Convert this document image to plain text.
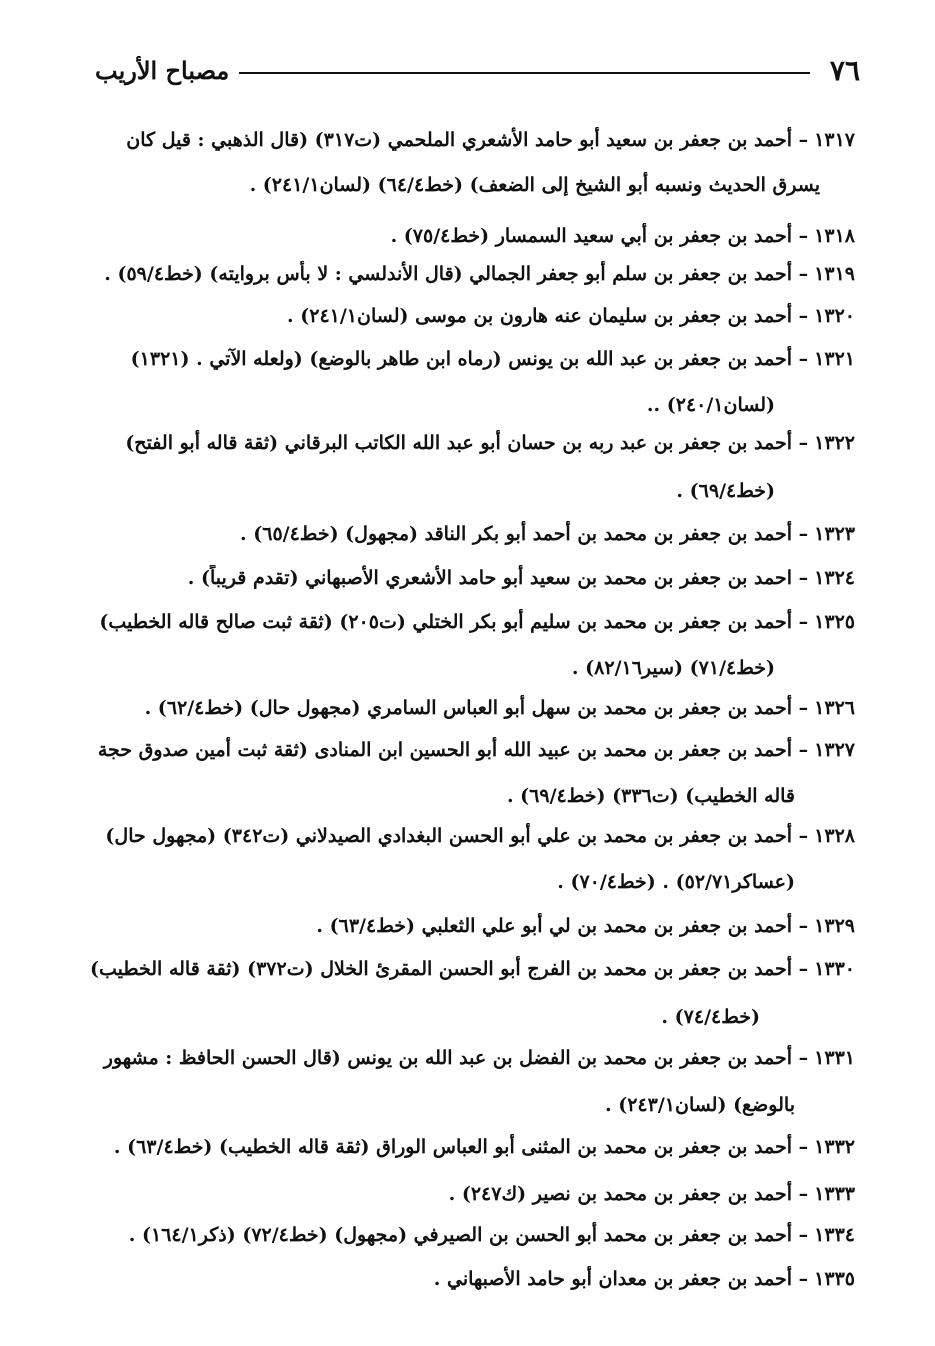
٧٦
مصباح الأريب
١٣١٧– أحمد بن جعفر بن سعيد أبو حامد الأشعري الملحمي (ت٣١٧) (قال الذهبي : قيل كان
يسرق الحديث ونسبه أبو الشيخ إلى الضعف) (خط٦٤/٤) (لسان٢٤١/١) .
١٣١٨– أحمد بن جعفر بن أبي سعيد السمسار (خط٧٥/٤) .
١٣١٩– أحمد بن جعفر بن سلم أبو جعفر الجمالي (قال الأندلسي : لا بأس بروايته) (خط٥٩/٤) .
١٣٢٠– أحمد بن جعفر بن سليمان عنه هارون بن موسى (لسان٢٤١/١) .
١٣٢١– أحمد بن جعفر بن عبد الله بن يونس (رماه ابن طاهر بالوضع) (ولعله الآتي . (١٣٢١)
(لسان٢٤٠/١) ..
١٣٢٢– أحمد بن جعفر بن عبد ربه بن حسان أبو عبد الله الكاتب البرقاني (ثقة قاله أبو الفتح)
(خط٦٩/٤) .
١٣٢٣– أحمد بن جعفر بن محمد بن أحمد أبو بكر الناقد (مجهول) (خط٦٥/٤) .
١٣٢٤– احمد بن جعفر بن محمد بن سعيد أبو حامد الأشعري الأصبهاني (تقدم قريباً) .
١٣٢٥– أحمد بن جعفر بن محمد بن سليم أبو بكر الختلي (ت٢٠٥) (ثقة ثبت صالح قاله الخطيب)
(خط٧١/٤) (سير٨٢/١٦) .
١٣٢٦– أحمد بن جعفر بن محمد بن سهل أبو العباس السامري (مجهول حال) (خط٦٢/٤) .
١٣٢٧– أحمد بن جعفر بن محمد بن عبيد الله أبو الحسين ابن المنادى (ثقة ثبت أمين صدوق حجة
قاله الخطيب) (ت٣٣٦) (خط٦٩/٤) .
١٣٢٨– أحمد بن جعفر بن محمد بن علي أبو الحسن البغدادي الصيدلاني (ت٣٤٢) (مجهول حال)
(عساكر٥٢/٧١) . (خط٧٠/٤) .
١٣٢٩– أحمد بن جعفر بن محمد بن لي أبو علي الثعلبي (خط٦٣/٤) .
١٣٣٠– أحمد بن جعفر بن محمد بن الفرج أبو الحسن المقرئ الخلال (ت٣٧٢) (ثقة قاله الخطيب)
(خط٧٤/٤) .
١٣٣١– أحمد بن جعفر بن محمد بن الفضل بن عبد الله بن يونس (قال الحسن الحافظ : مشهور
بالوضع) (لسان٢٤٣/١) .
١٣٣٢– أحمد بن جعفر بن محمد بن المثنى أبو العباس الوراق (ثقة قاله الخطيب) (خط٦٣/٤) .
١٣٣٣– أحمد بن جعفر بن محمد بن نصير (ك٢٤٧) .
١٣٣٤– أحمد بن جعفر بن محمد أبو الحسن بن الصيرفي (مجهول) (خط٧٢/٤) (ذكر١٦٤/١) .
١٣٣٥– أحمد بن جعفر بن معدان أبو حامد الأصبهاني .
